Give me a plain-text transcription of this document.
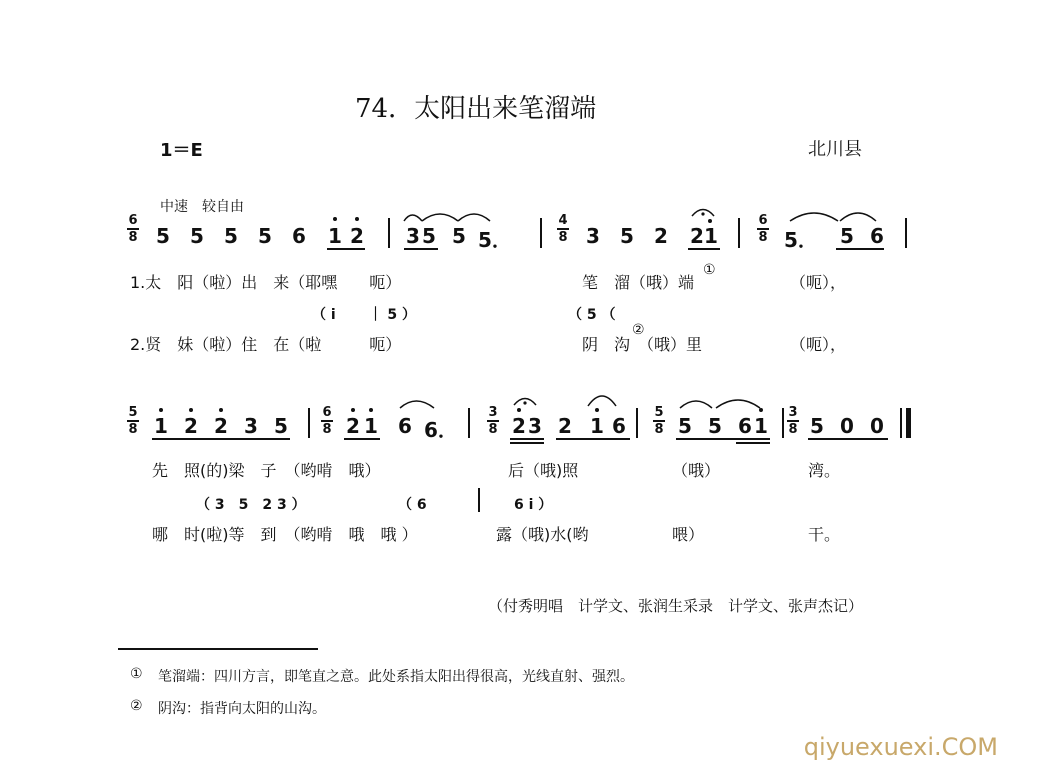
74．太阳出来笔溜端
1＝E	北川县
中速　较自由
6
8 5 5 5 5 6 1 2 3 5 5 5．
4
8 3 5 2 2 1
6
8 5． 5 6
1.太　阳（啦）出　来（耶嘿　　呃）	笔　溜（哦）端
①
（呃），
（ i　　 ｜ 5 ）	（ 5 （
2.贤　妹（啦）住　在（啦　　　呃）	阴　沟　（哦）里
②
（呃），
5
8 1 2 2 3 5
6
8 2 1 6 6．
3
8 2 3 2 1 6
5
8 5 5 6 1
3
8 5 0 0
先　照(的)梁　子　（哟啃　哦）	后（哦)照	（哦）	湾。
（ 3　5　2 3 ）	（ 6	6 i ）
哪　时(啦)等　到　（哟啃　哦　哦 ）	露（哦)水(哟	喂）	干。
（付秀明唱　计学文、张润生采录　计学文、张声杰记）
① 笔溜端：四川方言，即笔直之意。此处系指太阳出得很高，光线直射、强烈。
② 阴沟：指背向太阳的山沟。
qiyuexuexi.COM
